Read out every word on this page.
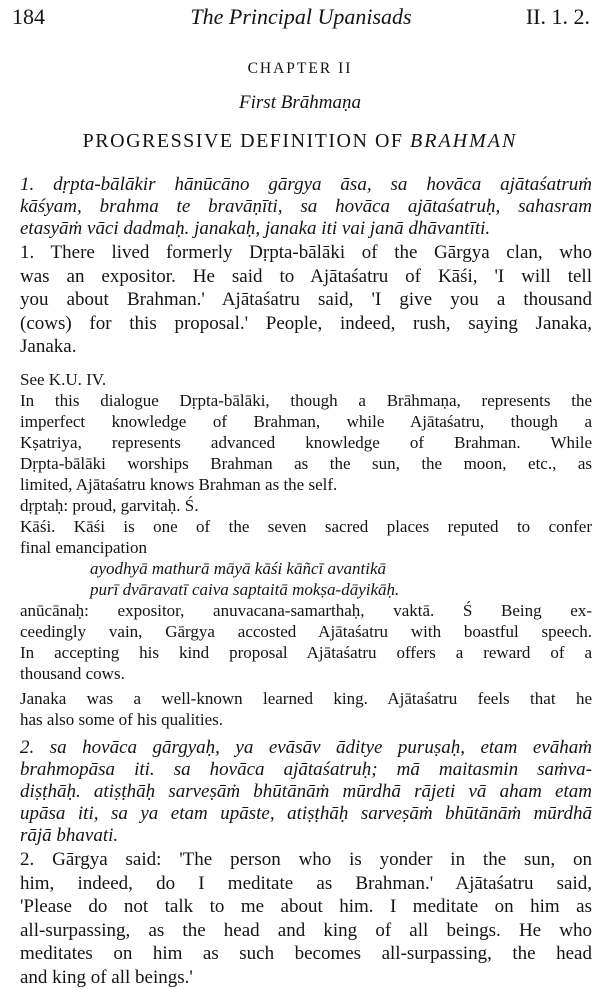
184	The Principal Upanisads	II. 1. 2.
CHAPTER II
First Brāhmaṇa
PROGRESSIVE DEFINITION OF BRAHMAN
1. dṛpta-bālākir hānūcāno gārgya āsa, sa hovāca ajātaśatruṁ
kāśyam, brahma te bravāṇīti, sa hovāca ajātaśatruḥ, sahasram
etasyāṁ vāci dadmaḥ. janakaḥ, janaka iti vai janā dhāvantīti.
1. There lived formerly Dṛpta-bālāki of the Gārgya clan, who
was an expositor. He said to Ajātaśatru of Kāśi, 'I will tell
you about Brahman.' Ajātaśatru said, 'I give you a thousand
(cows) for this proposal.' People, indeed, rush, saying Janaka,
Janaka.
See K.U. IV.
In this dialogue Dṛpta-bālāki, though a Brāhmaṇa, represents the
imperfect knowledge of Brahman, while Ajātaśatru, though a
Kṣatriya, represents advanced knowledge of Brahman. While
Dṛpta-bālāki worships Brahman as the sun, the moon, etc., as
limited, Ajātaśatru knows Brahman as the self.
dṛptaḥ: proud, garvitaḥ. Ś.
Kāśi. Kāśi is one of the seven sacred places reputed to confer
final emancipation
ayodhyā mathurā māyā kāśi kāñcī avantikā
purī dvāravatī caiva saptaitā mokṣa-dāyikāḥ.
anūcānaḥ: expositor, anuvacana-samarthaḥ, vaktā. Ś Being ex-
ceedingly vain, Gārgya accosted Ajātaśatru with boastful speech.
In accepting his kind proposal Ajātaśatru offers a reward of a
thousand cows.
Janaka was a well-known learned king. Ajātaśatru feels that he
has also some of his qualities.
2. sa hovāca gārgyaḥ, ya evāsāv āditye puruṣaḥ, etam evāhaṁ
brahmopāsa iti. sa hovāca ajātaśatruḥ; mā maitasmin saṁva-
diṣṭhāḥ. atiṣṭhāḥ sarveṣāṁ bhūtānāṁ mūrdhā rājeti vā aham etam
upāsa iti, sa ya etam upāste, atiṣṭhāḥ sarveṣāṁ bhūtānāṁ mūrdhā
rājā bhavati.
2. Gārgya said: 'The person who is yonder in the sun, on
him, indeed, do I meditate as Brahman.' Ajātaśatru said,
'Please do not talk to me about him. I meditate on him as
all-surpassing, as the head and king of all beings. He who
meditates on him as such becomes all-surpassing, the head
and king of all beings.'
